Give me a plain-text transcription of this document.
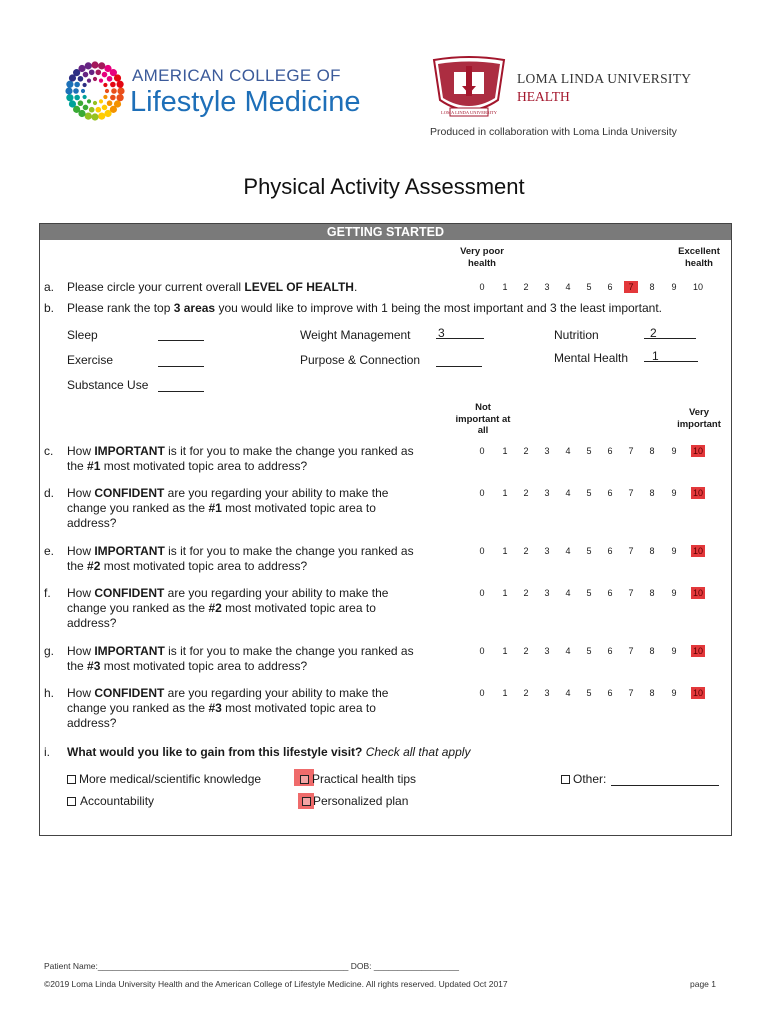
AMERICAN COLLEGE OF
Lifestyle Medicine	LOMA LINDA UNIVERSITY
LOMA LINDA UNIVERSITY
HEALTH
Produced in collaboration with Loma Linda University
Physical Activity Assessment
GETTING STARTED
Very poor health
Excellent health
a. Please circle your current overall LEVEL OF HEALTH.	0	1	2	3	4	5	6	7	8	9	10
b. Please rank the top 3 areas you would like to improve with 1 being the most important and 3 the least important.
Sleep	Weight Management 3	Nutrition	2
Exercise	Purpose & Connection	Mental Health	1
Substance Use
Not important at all
Very important
c. How IMPORTANT is it for you to make the change you ranked as
the #1 most motivated topic area to address?
0	1	2	3	4	5	6	7	8	9	10
d. How CONFIDENT are you regarding your ability to make the
change you ranked as the #1 most motivated topic area to
address?
0	1	2	3	4	5	6	7	8	9	10
e. How IMPORTANT is it for you to make the change you ranked as
the #2 most motivated topic area to address?
0	1	2	3	4	5	6	7	8	9	10
f. How CONFIDENT are you regarding your ability to make the
change you ranked as the #2 most motivated topic area to
address?
0	1	2	3	4	5	6	7	8	9	10
g. How IMPORTANT is it for you to make the change you ranked as
the #3 most motivated topic area to address?
0	1	2	3	4	5	6	7	8	9	10
h. How CONFIDENT are you regarding your ability to make the
change you ranked as the #3 most motivated topic area to
address?
0	1	2	3	4	5	6	7	8	9	10
i. What would you like to gain from this lifestyle visit? Check all that apply
More medical/scientific knowledge	Practical health tips	Other:
Accountability	Personalized plan
Patient Name:_____________________________________________________ DOB: __________________
©2019 Loma Linda University Health and the American College of Lifestyle Medicine. All rights reserved. Updated Oct 2017	page 1
